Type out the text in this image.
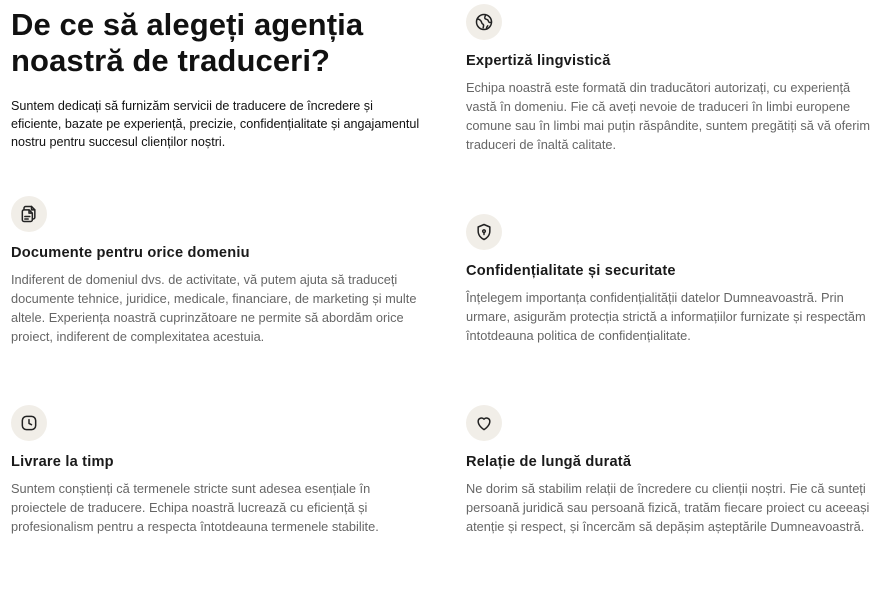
De ce să alegeți agenția noastră de traduceri?

Suntem dedicați să furnizăm servicii de traducere de încredere și eficiente, bazate pe experiență, precizie, confidențialitate și angajamentul nostru pentru succesul clienților noștri.

Expertiză lingvistică

Echipa noastră este formată din traducători autorizați, cu experiență vastă în domeniu. Fie că aveți nevoie de traduceri în limbi europene comune sau în limbi mai puțin răspândite, suntem pregătiți să vă oferim traduceri de înaltă calitate.

Documente pentru orice domeniu

Indiferent de domeniul dvs. de activitate, vă putem ajuta să traduceți documente tehnice, juridice, medicale, financiare, de marketing și multe altele. Experiența noastră cuprinzătoare ne permite să abordăm orice proiect, indiferent de complexitatea acestuia.

Confidențialitate și securitate

Înțelegem importanța confidențialității datelor Dumneavoastră. Prin urmare, asigurăm protecția strictă a informațiilor furnizate și respectăm întotdeauna politica de confidențialitate.

Livrare la timp

Suntem conștienți că termenele stricte sunt adesea esențiale în proiectele de traducere. Echipa noastră lucrează cu eficiență și profesionalism pentru a respecta întotdeauna termenele stabilite.

Relație de lungă durată

Ne dorim să stabilim relații de încredere cu clienții noștri. Fie că sunteți persoană juridică sau persoană fizică, tratăm fiecare proiect cu aceeași atenție și respect, și încercăm să depășim așteptările Dumneavoastră.
